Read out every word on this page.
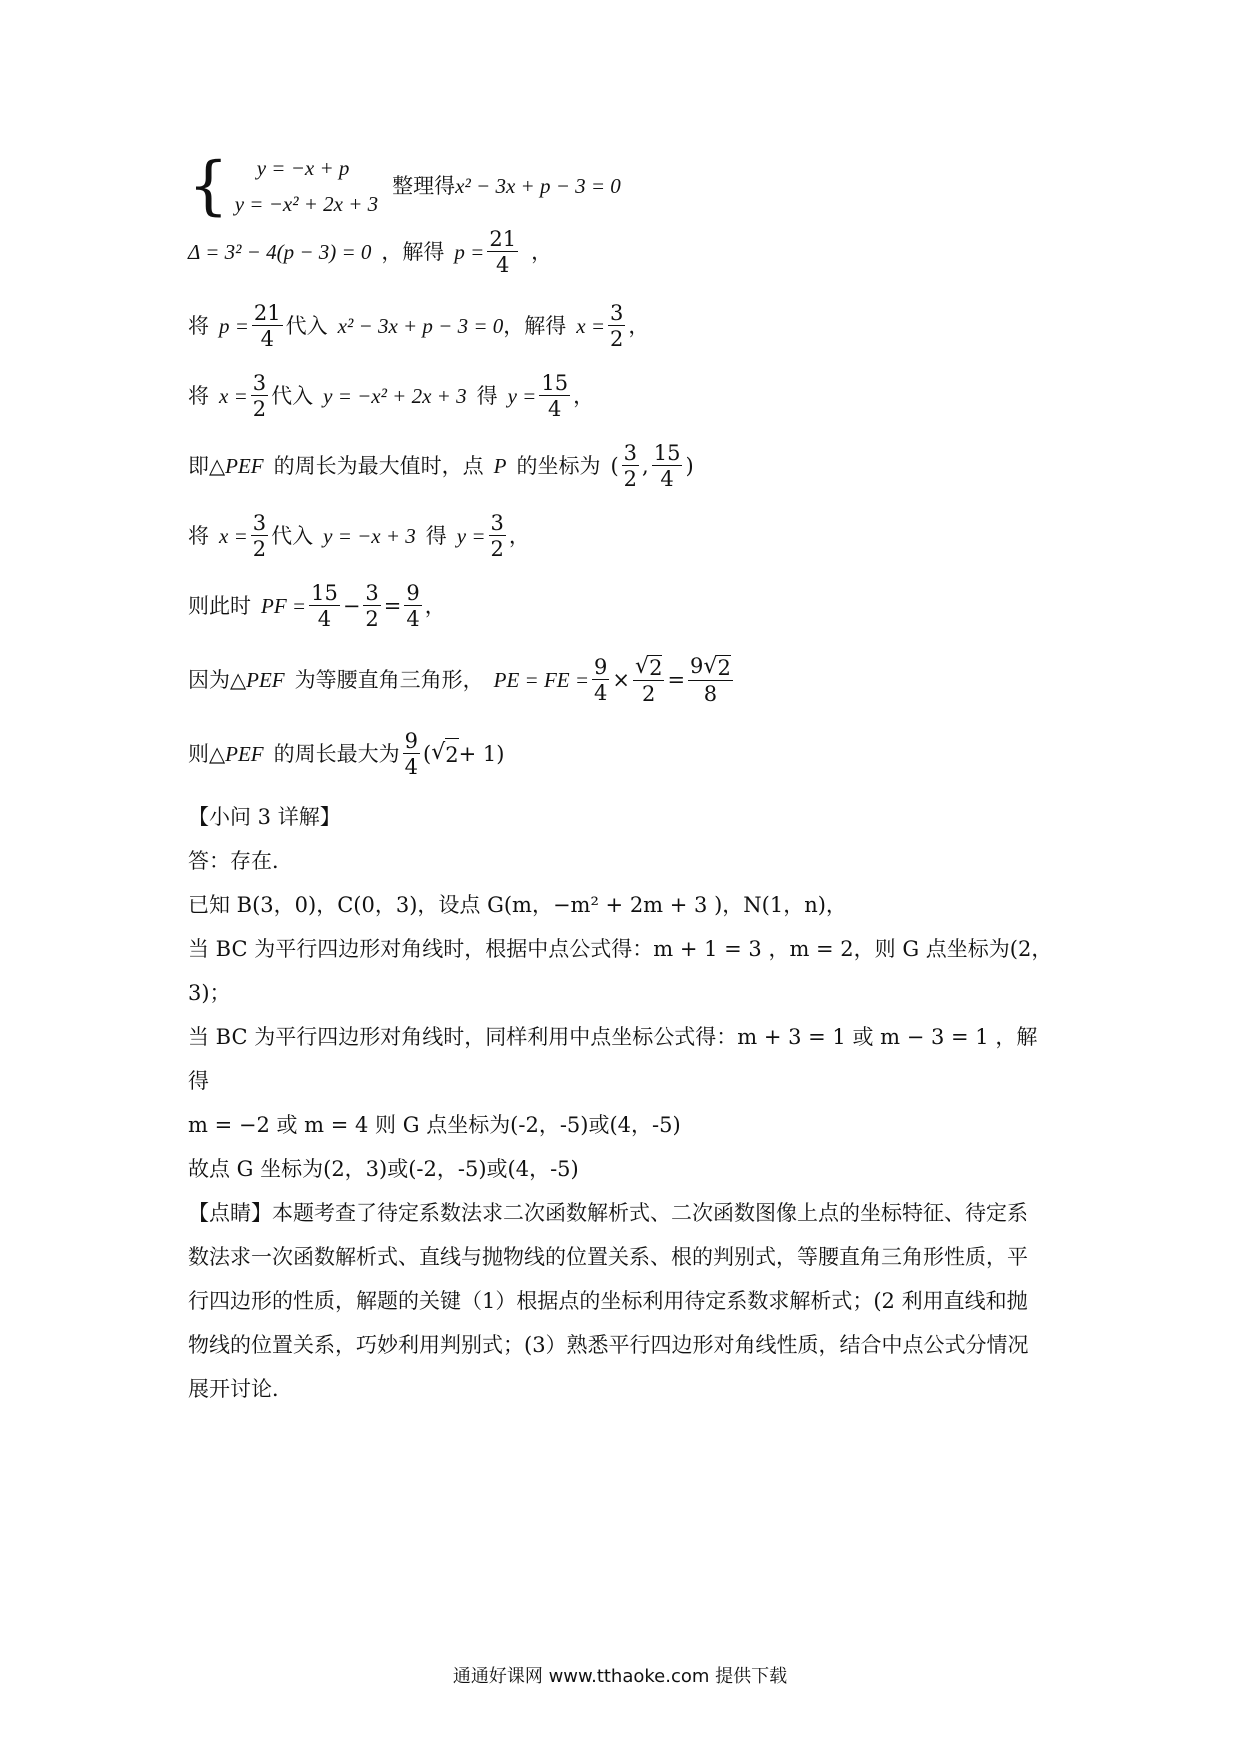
{	y = −x + p
y = −x² + 2x + 3
整理得 x² − 3x + p − 3 = 0
Δ = 3² − 4(p − 3) = 0 ，解得 $p = \frac{21}{4}$ ，
将 $p = \frac{21}{4}$ 代入 x² − 3x + p − 3 = 0 ，解得 $x = \frac{3}{2}$ ，
将 $x = \frac{3}{2}$ 代入 y = −x² + 2x + 3 得 $y = \frac{15}{4}$ ，
即△ PEF 的周长为最大值时，点 P 的坐标为 ( $\frac{3}{2}$ , $\frac{15}{4}$ )
将 $x = \frac{3}{2}$ 代入 y = −x + 3 得 $y = \frac{3}{2}$ ，
则此时 PF = $\frac{15}{4} - \frac{3}{2} = \frac{9}{4}$ ，
因为△ PEF 为等腰直角三角形， PE = FE = $\frac{9}{4} \times \frac{√ 2}{2} = \frac{9 √ 2}{8}$
则△ PEF 的周长最大为 $\frac{9}{4}$ ( √ 2 + 1)
【小问 3 详解】
答：存在．
已知 B(3，0)，C(0，3)，设点 G(m，−m² + 2m + 3 )，N(1，n)，
当 BC 为平行四边形对角线时，根据中点公式得：m + 1 = 3 ，m = 2，则 G 点坐标为(2，
3)；
当 BC 为平行四边形对角线时，同样利用中点坐标公式得：m + 3 = 1 或 m − 3 = 1 ，解得
m = −2 或 m = 4 则 G 点坐标为(-2，-5)或(4，-5)
故点 G 坐标为(2，3)或(-2，-5)或(4，-5)
【点睛】本题考查了待定系数法求二次函数解析式、二次函数图像上点的坐标特征、待定系
数法求一次函数解析式、直线与抛物线的位置关系、根的判别式，等腰直角三角形性质，平
行四边形的性质，解题的关键（1）根据点的坐标利用待定系数求解析式；(2 利用直线和抛
物线的位置关系，巧妙利用判别式；(3）熟悉平行四边形对角线性质，结合中点公式分情况
展开讨论．
通通好课网 www.tthaoke.com 提供下载
